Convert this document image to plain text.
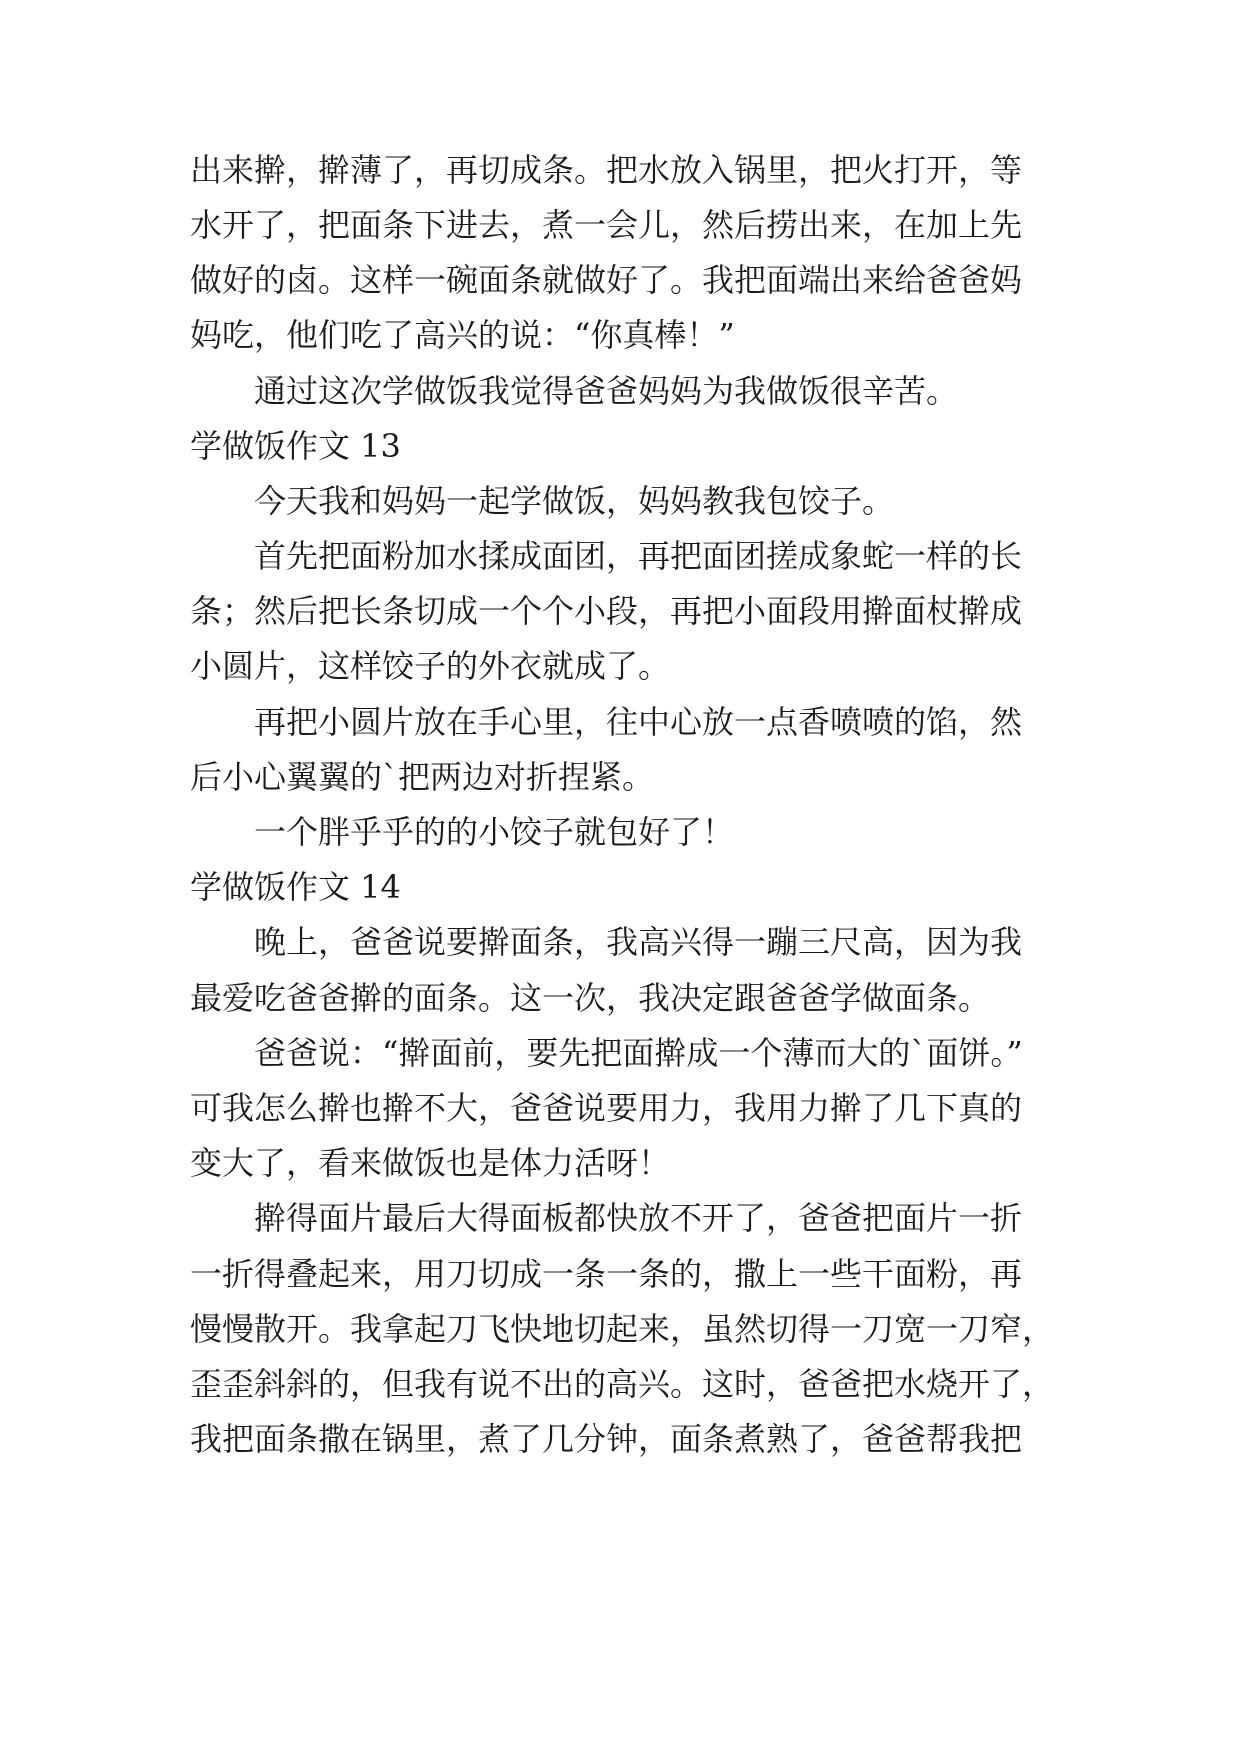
出来擀，擀薄了，再切成条。把水放入锅里，把火打开，等
水开了，把面条下进去，煮一会儿，然后捞出来，在加上先
做好的卤。这样一碗面条就做好了。我把面端出来给爸爸妈
妈吃，他们吃了高兴的说：“你真棒！”
通过这次学做饭我觉得爸爸妈妈为我做饭很辛苦。
学做饭作文 13
今天我和妈妈一起学做饭，妈妈教我包饺子。
首先把面粉加水揉成面团，再把面团搓成象蛇一样的长
条；然后把长条切成一个个小段，再把小面段用擀面杖擀成
小圆片，这样饺子的外衣就成了。
再把小圆片放在手心里，往中心放一点香喷喷的馅，然
后小心翼翼的`把两边对折捏紧。
一个胖乎乎的的小饺子就包好了！
学做饭作文 14
晚上，爸爸说要擀面条，我高兴得一蹦三尺高，因为我
最爱吃爸爸擀的面条。这一次，我决定跟爸爸学做面条。
爸爸说：“擀面前，要先把面擀成一个薄而大的`面饼。”
可我怎么擀也擀不大，爸爸说要用力，我用力擀了几下真的
变大了，看来做饭也是体力活呀！
擀得面片最后大得面板都快放不开了，爸爸把面片一折
一折得叠起来，用刀切成一条一条的，撒上一些干面粉，再
慢慢散开。我拿起刀飞快地切起来，虽然切得一刀宽一刀窄，
歪歪斜斜的，但我有说不出的高兴。这时，爸爸把水烧开了，
我把面条撒在锅里，煮了几分钟，面条煮熟了，爸爸帮我把
